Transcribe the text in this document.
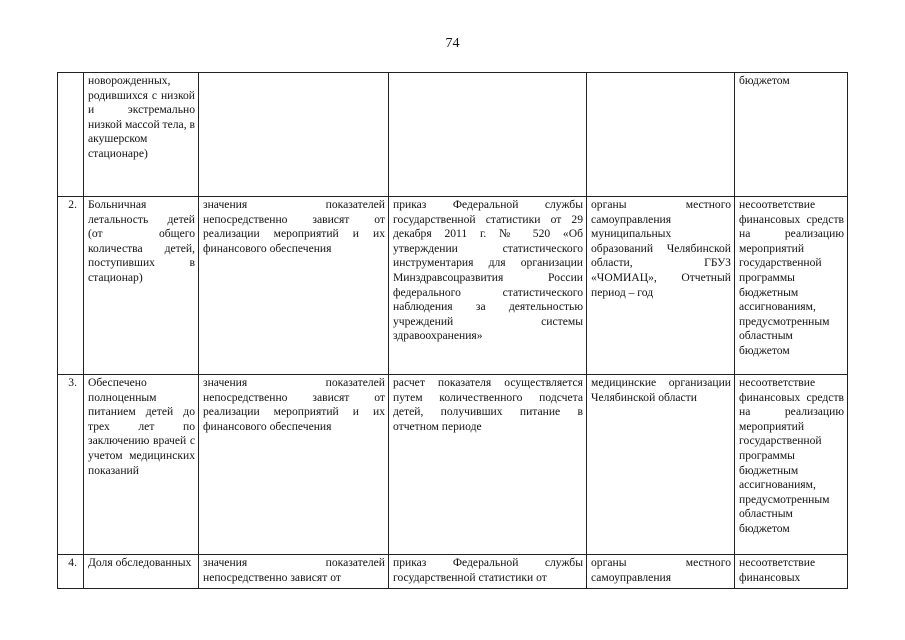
74
	новорожденных, родившихся с низкой и экстремально низкой массой тела, в акушерском стационаре)				бюджетом
2.	Больничная летальность детей (от общего количества детей, поступивших в стационар)	значения показателей непосредственно зависят от реализации мероприятий и их финансового обеспечения	приказ Федеральной службы государственной статистики от 29 декабря 2011 г. № 520 «Об утверждении статистического инструментария для организации Минздравсоцразвития России федерального статистического наблюдения за деятельностью учреждений системы здравоохранения»	органы местного самоуправления муниципальных образований Челябинской области, ГБУЗ «ЧОМИАЦ», Отчетный период – год	несоответствие финансовых средств на реализацию мероприятий государственной программы бюджетным ассигнованиям, предусмотренным областным бюджетом
3.	Обеспечено полноценным питанием детей до трех лет по заключению врачей с учетом медицинских показаний	значения показателей непосредственно зависят от реализации мероприятий и их финансового обеспечения	расчет показателя осуществляется путем количественного подсчета детей, получивших питание в отчетном периоде	медицинские организации Челябинской области	несоответствие финансовых средств на реализацию мероприятий государственной программы бюджетным ассигнованиям, предусмотренным областным бюджетом
4.	Доля обследованных	значения показателей непосредственно зависят от	приказ Федеральной службы государственной статистики от	органы местного самоуправления	несоответствие финансовых
